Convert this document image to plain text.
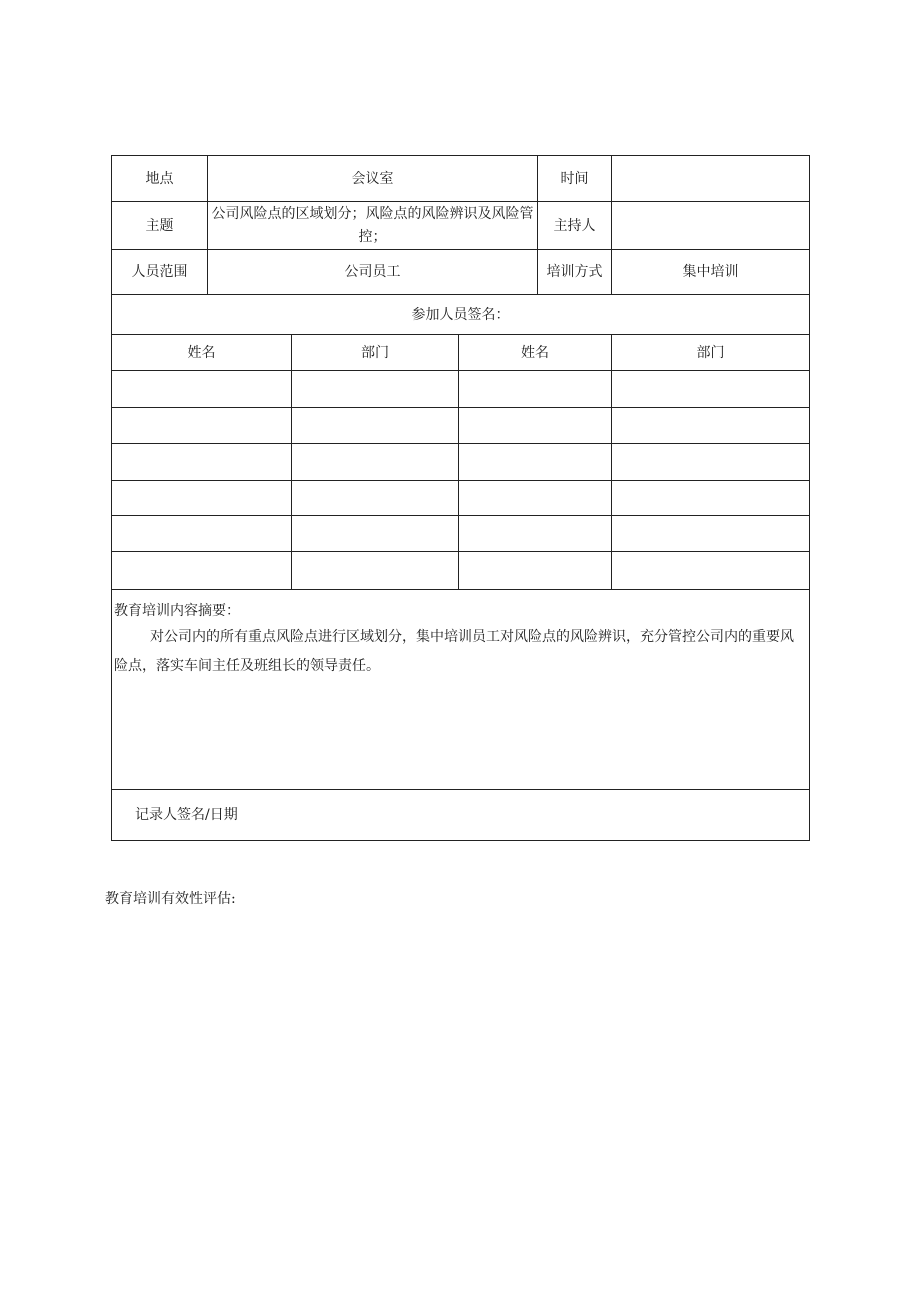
地点	会议室			时间	
主题	公司风险点的区域划分；风险点的风险辨识及风险管控；			主持人	
人员范围	公司员工			培训方式	集中培训
参加人员签名：					
姓名		部门	姓名		部门

教育培训内容摘要：
对公司内的所有重点风险点进行区域划分，集中培训员工对风险点的风险辨识，充分管控公司内的重要风险点，落实车间主任及班组长的领导责任。					

记录人签名/日期					
教育培训有效性评估:
